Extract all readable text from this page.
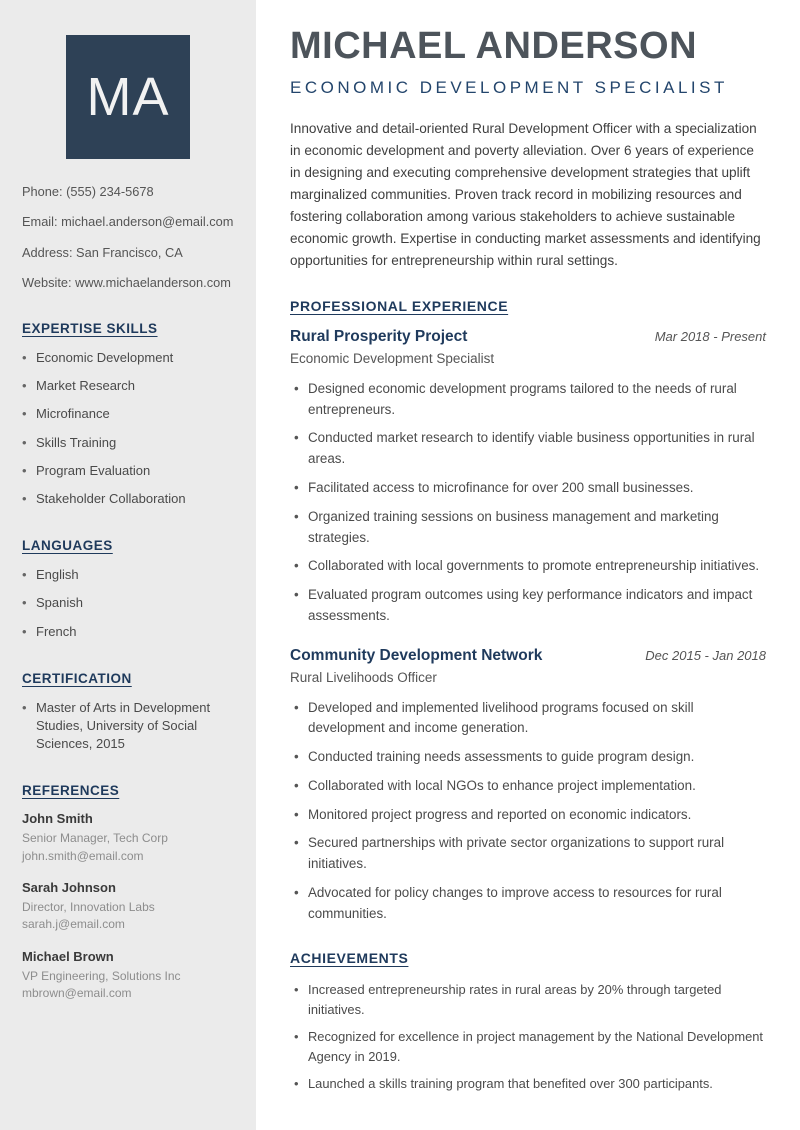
MA
Phone: (555) 234-5678
Email: michael.anderson@email.com
Address: San Francisco, CA
Website: www.michaelanderson.com
EXPERTISE SKILLS
• Economic Development
• Market Research
• Microfinance
• Skills Training
• Program Evaluation
• Stakeholder Collaboration
LANGUAGES
• English
• Spanish
• French
CERTIFICATION
• Master of Arts in Development Studies, University of Social Sciences, 2015
REFERENCES
John Smith
Senior Manager, Tech Corp
john.smith@email.com
Sarah Johnson
Director, Innovation Labs
sarah.j@email.com
Michael Brown
VP Engineering, Solutions Inc
mbrown@email.com
MICHAEL ANDERSON
ECONOMIC DEVELOPMENT SPECIALIST

Innovative and detail-oriented Rural Development Officer with a specialization in economic development and poverty alleviation. Over 6 years of experience in designing and executing comprehensive development strategies that uplift marginalized communities. Proven track record in mobilizing resources and fostering collaboration among various stakeholders to achieve sustainable economic growth. Expertise in conducting market assessments and identifying opportunities for entrepreneurship within rural settings.

PROFESSIONAL EXPERIENCE
Rural Prosperity Project	Mar 2018 - Present
Economic Development Specialist
• Designed economic development programs tailored to the needs of rural entrepreneurs.
• Conducted market research to identify viable business opportunities in rural areas.
• Facilitated access to microfinance for over 200 small businesses.
• Organized training sessions on business management and marketing strategies.
• Collaborated with local governments to promote entrepreneurship initiatives.
• Evaluated program outcomes using key performance indicators and impact assessments.
Community Development Network	Dec 2015 - Jan 2018
Rural Livelihoods Officer
• Developed and implemented livelihood programs focused on skill development and income generation.
• Conducted training needs assessments to guide program design.
• Collaborated with local NGOs to enhance project implementation.
• Monitored project progress and reported on economic indicators.
• Secured partnerships with private sector organizations to support rural initiatives.
• Advocated for policy changes to improve access to resources for rural communities.
ACHIEVEMENTS
• Increased entrepreneurship rates in rural areas by 20% through targeted initiatives.
• Recognized for excellence in project management by the National Development Agency in 2019.
• Launched a skills training program that benefited over 300 participants.
